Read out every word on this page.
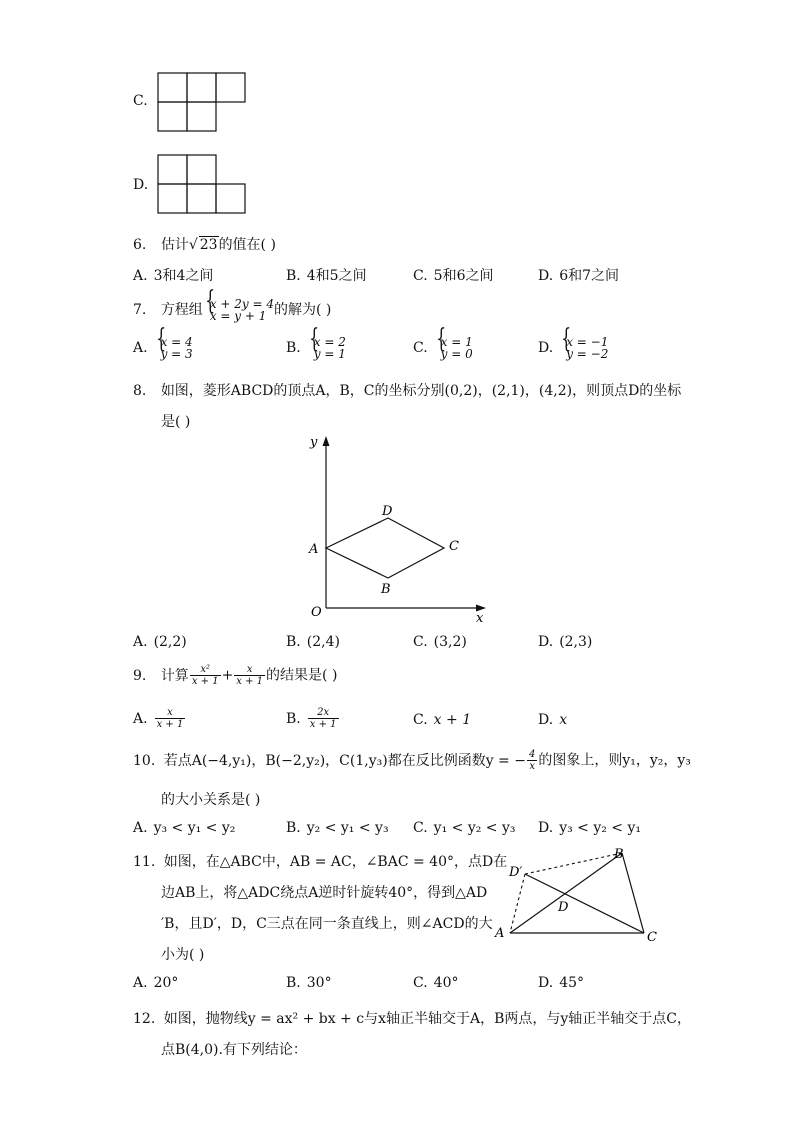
C.
D.
6. 估计√ 23的值在( )
A. 3和4之间	B. 4和5之间	C. 5和6之间	D. 6和7之间
7. 方程组 { x + 2y = 4
x = y + 1 的解为( )
A. { x = 4
y = 3	B. { x = 2
y = 1	C. { x = 1
y = 0	D. { x = −1
y = −2
8. 如图，菱形ABCD的顶点A，B，C的坐标分别(0,2)，(2,1)，(4,2)，则顶点D的坐标
是( )
y
x
O
A
D
C
B
A. (2,2)	B. (2,4)	C. (3,2)	D. (2,3)
9. 计算 $\frac{\text{x²}}{x + 1} + \frac{x}{x + 1}$ 的结果是( )
A. $\frac{x}{x + 1}$	B. $\frac{2x}{x + 1}$	C. x + 1	D. x
10. 若点A(−4,y₁)，B(−2,y₂)，C(1,y₃)都在反比例函数y = − $\frac{4}{x}$ 的图象上，则y₁，y₂，y₃
的大小关系是( )
A. y₃ < y₁ < y₂	B. y₂ < y₁ < y₃ C. y₁ < y₂ < y₃ D. y₃ < y₂ < y₁
11. 如图，在△ABC中，AB = AC，∠BAC = 40°，点D在
边AB上，将△ADC绕点A逆时针旋转40°，得到△AD
′B，且D′，D，C三点在同一条直线上，则∠ACD的大
小为( )
A
B
C
D
D′
A. 20°	B. 30°	C. 40°	D. 45°
12. 如图，抛物线y = ax² + bx + c与x轴正半轴交于A，B两点，与y轴正半轴交于点C，
点B(4,0).有下列结论：
